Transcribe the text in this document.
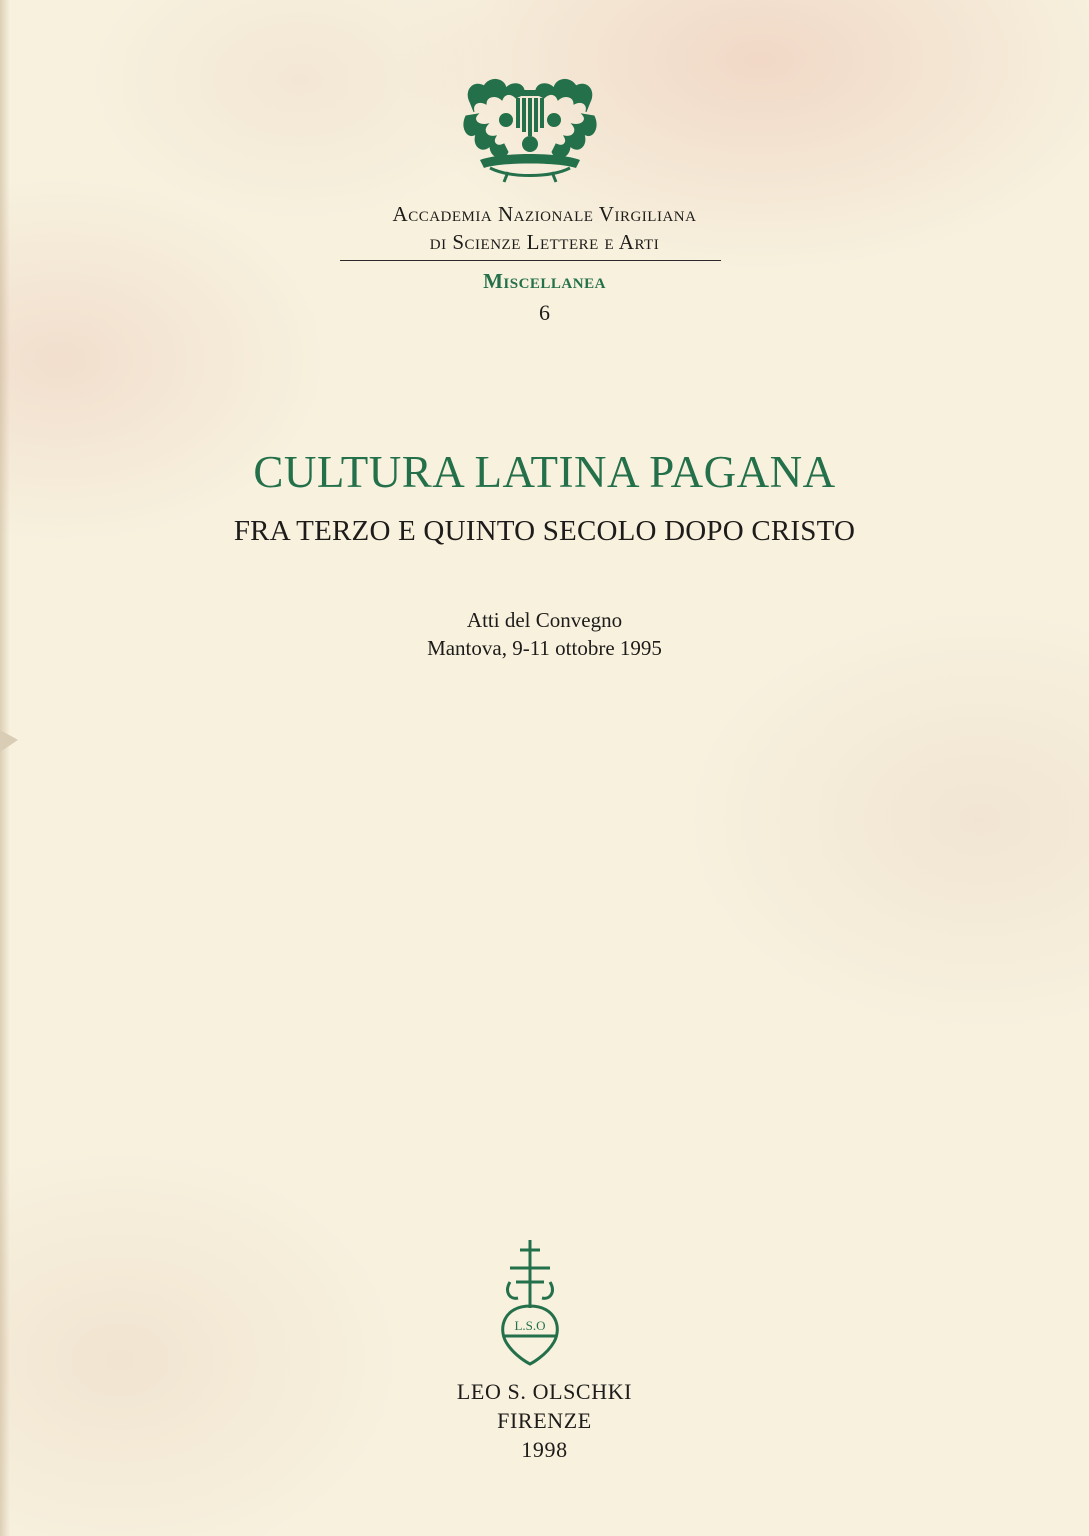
Accademia Nazionale Virgiliana
di Scienze Lettere e Arti
Miscellanea
6
CULTURA LATINA PAGANA
FRA TERZO E QUINTO SECOLO DOPO CRISTO
Atti del Convegno
Mantova, 9-11 ottobre 1995
L.S.O
LEO S. OLSCHKI
FIRENZE
1998
